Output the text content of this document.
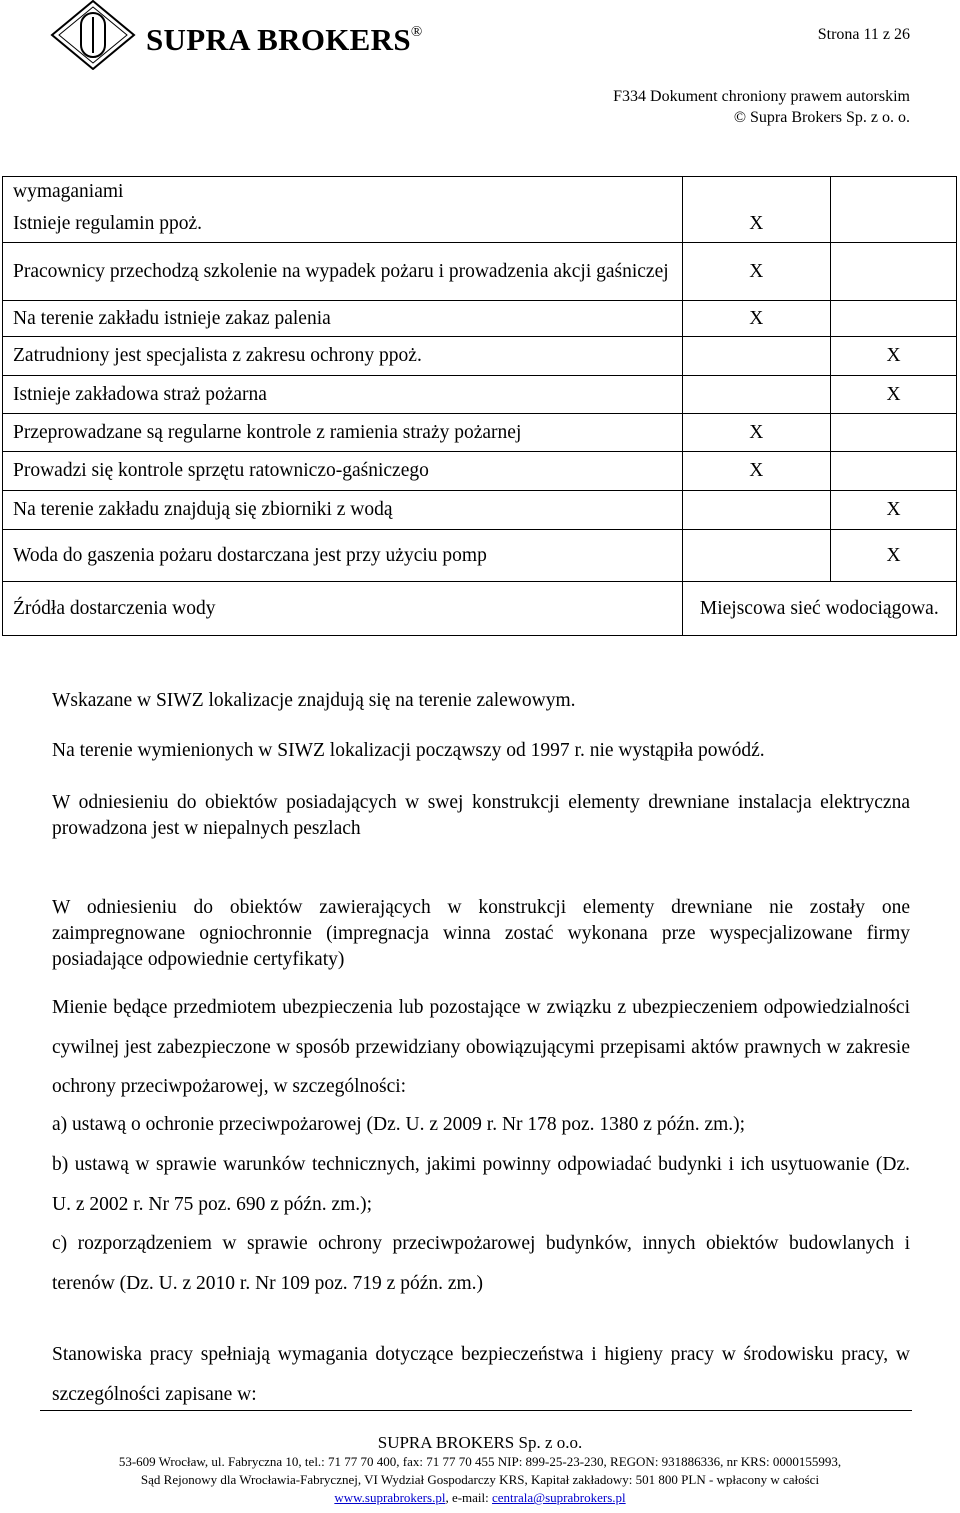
SUPRA BROKERS®	Strona 11 z 26
F334 Dokument chroniony prawem autorskim
© Supra Brokers Sp. z o. o.
wymaganiami		
Istnieje regulamin ppoż.	X	
Pracownicy przechodzą szkolenie na wypadek pożaru i prowadzenia akcji gaśniczej	X	
Na terenie zakładu istnieje zakaz palenia	X	
Zatrudniony jest specjalista z zakresu ochrony ppoż.		X
Istnieje zakładowa straż pożarna		X
Przeprowadzane są regularne kontrole z ramienia straży pożarnej	X	
Prowadzi się kontrole sprzętu ratowniczo-gaśniczego	X	
Na terenie zakładu znajdują się zbiorniki z wodą		X
Woda do gaszenia pożaru dostarczana jest przy użyciu pomp		X
Źródła dostarczenia wody	Miejscowa sieć wodociągowa.	
Wskazane w SIWZ lokalizacje znajdują się na terenie zalewowym.
Na terenie wymienionych w SIWZ lokalizacji począwszy od 1997 r. nie wystąpiła powódź.
W odniesieniu do obiektów posiadających w swej konstrukcji elementy drewniane instalacja elektryczna prowadzona jest w niepalnych peszlach
W odniesieniu do obiektów zawierających w konstrukcji elementy drewniane nie zostały one zaimpregnowane ogniochronnie (impregnacja winna zostać wykonana prze wyspecjalizowane firmy posiadające odpowiednie certyfikaty)
Mienie będące przedmiotem ubezpieczenia lub pozostające w związku z ubezpieczeniem odpowiedzialności cywilnej jest zabezpieczone w sposób przewidziany obowiązującymi przepisami aktów prawnych w zakresie ochrony przeciwpożarowej, w szczególności:
a) ustawą o ochronie przeciwpożarowej (Dz. U. z 2009 r. Nr 178 poz. 1380 z późn. zm.);
b) ustawą w sprawie warunków technicznych, jakimi powinny odpowiadać budynki i ich usytuowanie (Dz. U. z 2002 r. Nr 75 poz. 690 z późn. zm.);
c) rozporządzeniem w sprawie ochrony przeciwpożarowej budynków, innych obiektów budowlanych i terenów (Dz. U. z 2010 r. Nr 109 poz. 719 z późn. zm.)
Stanowiska pracy spełniają wymagania dotyczące bezpieczeństwa i higieny pracy w środowisku pracy, w szczególności zapisane w:
SUPRA BROKERS Sp. z o.o.
53-609 Wrocław, ul. Fabryczna 10, tel.: 71 77 70 400, fax: 71 77 70 455 NIP: 899-25-23-230, REGON: 931886336, nr KRS: 0000155993,
Sąd Rejonowy dla Wrocławia-Fabrycznej, VI Wydział Gospodarczy KRS, Kapitał zakładowy: 501 800 PLN - wpłacony w całości
www.suprabrokers.pl, e-mail: centrala@suprabrokers.pl
